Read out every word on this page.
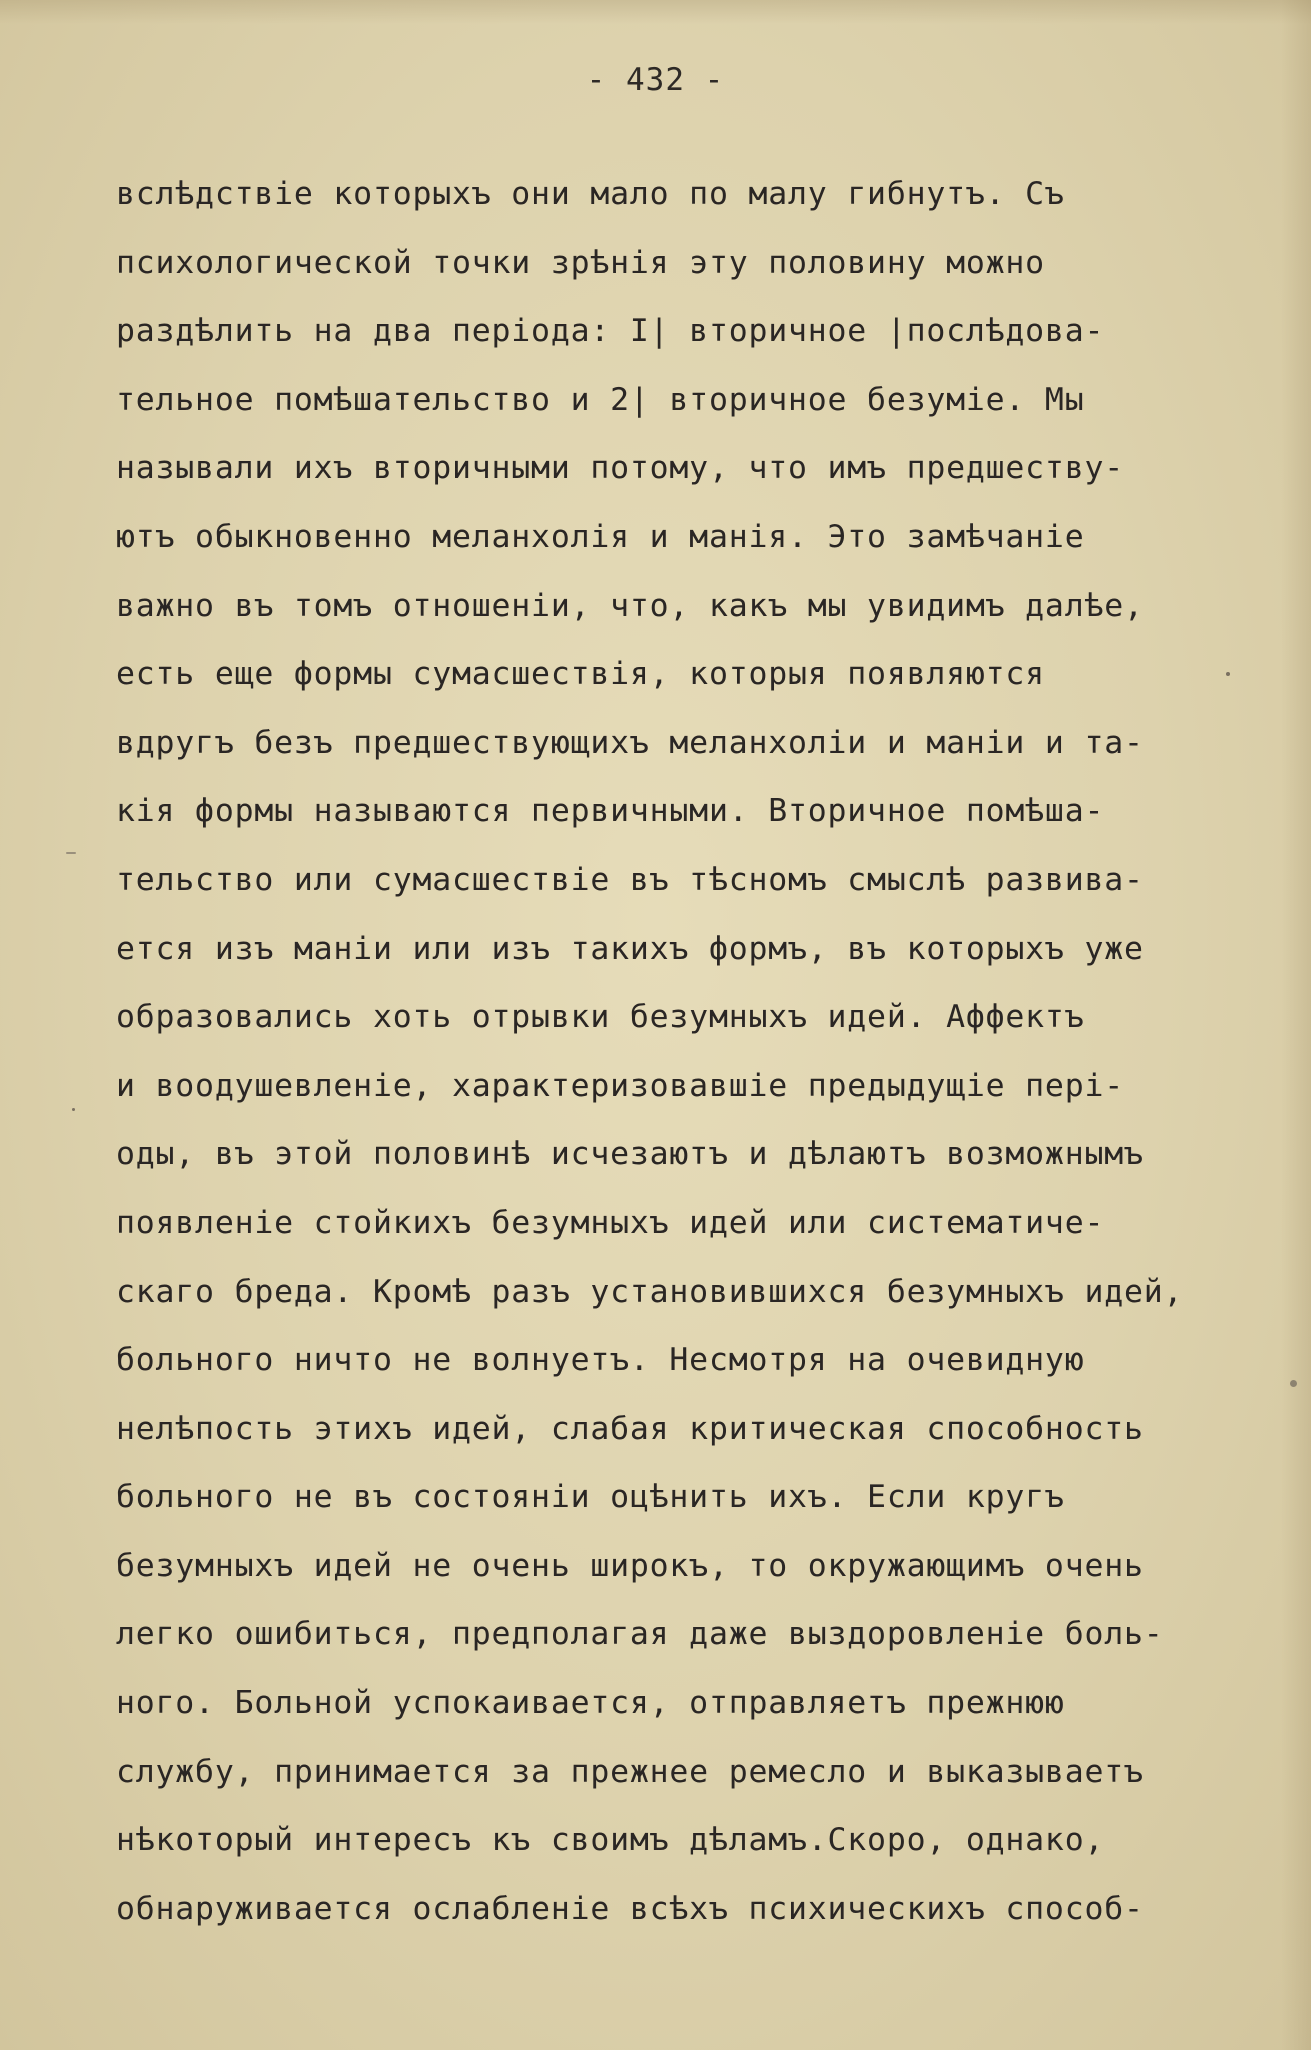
- 432 -
вслѣдствіе которыхъ они мало по малу гибнутъ. Съ
психологической точки зрѣнія эту половину можно
раздѣлить на два періода: I| вторичное |послѣдова-
тельное помѣшательство и 2| вторичное безуміе. Мы
называли ихъ вторичными потому, что имъ предшеству-
ютъ обыкновенно меланхолія и манія. Это замѣчаніе
важно въ томъ отношеніи, что, какъ мы увидимъ далѣе,
есть еще формы сумасшествія, которыя появляются
вдругъ безъ предшествующихъ меланхоліи и маніи и та-
кія формы называются первичными. Вторичное помѣша-
тельство или сумасшествіе въ тѣсномъ смыслѣ развива-
ется изъ маніи или изъ такихъ формъ, въ которыхъ уже
образовались хоть отрывки безумныхъ идей. Аффектъ
и воодушевленіе, характеризовавшіе предыдущіе пері-
оды, въ этой половинѣ исчезаютъ и дѣлаютъ возможнымъ
появленіе стойкихъ безумныхъ идей или систематиче-
скаго бреда. Кромѣ разъ установившихся безумныхъ идей,
больного ничто не волнуетъ. Несмотря на очевидную
нелѣпость этихъ идей, слабая критическая способность
больного не въ состояніи оцѣнить ихъ. Если кругъ
безумныхъ идей не очень широкъ, то окружающимъ очень
легко ошибиться, предполагая даже выздоровленіе боль-
ного. Больной успокаивается, отправляетъ прежнюю
службу, принимается за прежнее ремесло и выказываетъ
нѣкоторый интересъ къ своимъ дѣламъ.Скоро, однако,
обнаруживается ослабленіе всѣхъ психическихъ способ-
